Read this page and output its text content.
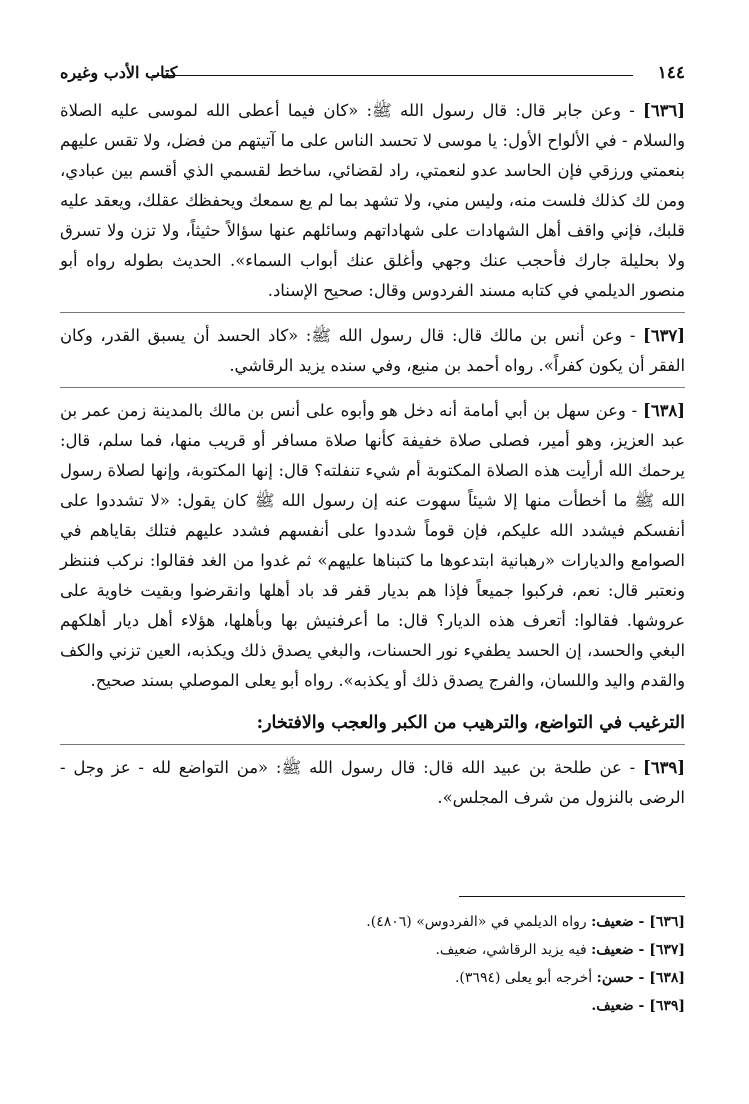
١٤٤
كتاب الأدب وغيره

[٦٣٦] - وعن جابر قال: قال رسول الله ﷺ: «كان فيما أعطى الله لموسى عليه الصلاة والسلام - في الألواح الأول: يا موسى لا تحسد الناس على ما آتيتهم من فضل، ولا تقس عليهم بنعمتي ورزقي فإن الحاسد عدو لنعمتي، راد لقضائي، ساخط لقسمي الذي أقسم بين عبادي، ومن لك كذلك فلست منه، وليس مني، ولا تشهد بما لم يع سمعك ويحفظك عقلك، ويعقد عليه قلبك، فإني واقف أهل الشهادات على شهاداتهم وسائلهم عنها سؤالاً حثيثاً، ولا تزن ولا تسرق ولا بحليلة جارك فأحجب عنك وجهي وأغلق عنك أبواب السماء». الحديث بطوله رواه أبو منصور الديلمي في كتابه مسند الفردوس وقال: صحيح الإسناد.

[٦٣٧] - وعن أنس بن مالك قال: قال رسول الله ﷺ: «كاد الحسد أن يسبق القدر، وكان الفقر أن يكون كفراً». رواه أحمد بن منيع، وفي سنده يزيد الرقاشي.

[٦٣٨] - وعن سهل بن أبي أمامة أنه دخل هو وأبوه على أنس بن مالك بالمدينة زمن عمر بن عبد العزيز، وهو أمير، فصلى صلاة خفيفة كأنها صلاة مسافر أو قريب منها، فما سلم، قال: يرحمك الله أرأيت هذه الصلاة المكتوبة أم شيء تنفلته؟ قال: إنها المكتوبة، وإنها لصلاة رسول الله ﷺ ما أخطأت منها إلا شيئاً سهوت عنه إن رسول الله ﷺ كان يقول: «لا تشددوا على أنفسكم فيشدد الله عليكم، فإن قوماً شددوا على أنفسهم فشدد عليهم فتلك بقاياهم في الصوامع والديارات «رهبانية ابتدعوها ما كتبناها عليهم» ثم غدوا من الغد فقالوا: نركب فننظر ونعتبر قال: نعم، فركبوا جميعاً فإذا هم بديار قفر قد باد أهلها وانقرضوا وبقيت خاوية على عروشها. فقالوا: أتعرف هذه الديار؟ قال: ما أعرفنيش بها وبأهلها، هؤلاء أهل ديار أهلكهم البغي والحسد، إن الحسد يطفيء نور الحسنات، والبغي يصدق ذلك ويكذبه، العين تزني والكف والقدم واليد واللسان، والفرج يصدق ذلك أو يكذبه». رواه أبو يعلى الموصلي بسند صحيح.

الترغيب في التواضع، والترهيب من الكبر والعجب والافتخار:

[٦٣٩] - عن طلحة بن عبيد الله قال: قال رسول الله ﷺ: «من التواضع لله - عز وجل - الرضى بالنزول من شرف المجلس».

[٦٣٦] - ضعيف: رواه الديلمي في «الفردوس» (٤٨٠٦).

[٦٣٧] - ضعيف: فيه يزيد الرقاشي، ضعيف.

[٦٣٨] - حسن: أخرجه أبو يعلى (٣٦٩٤).

[٦٣٩] - ضعيف.
